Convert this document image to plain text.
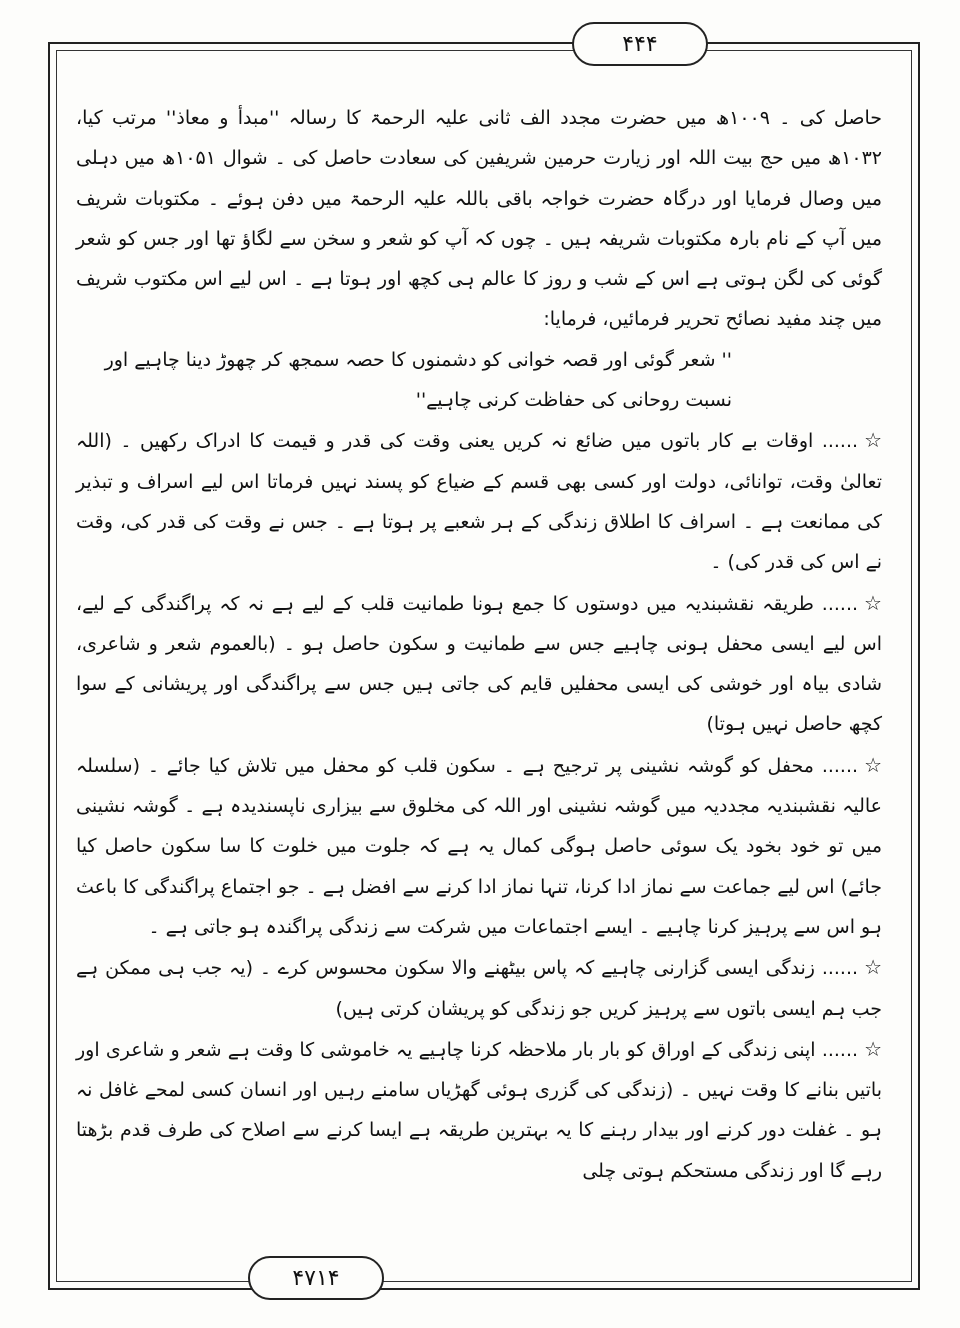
۴۴۴

حاصل کی ۔ ۱۰۰۹ھ میں حضرت مجدد الف ثانی علیہ الرحمۃ کا رسالہ ''مبدأ و معاذ'' مرتب کیا، ۱۰۳۲ھ میں حج بیت اللہ اور زیارت حرمین شریفین کی سعادت حاصل کی ۔ شوال ۱۰۵۱ھ میں دہلی میں وصال فرمایا اور درگاہ حضرت خواجہ باقی باللہ علیہ الرحمۃ میں دفن ہوئے ۔ مکتوبات شریف میں آپ کے نام بارہ مکتوبات شریفہ ہیں ۔ چوں کہ آپ کو شعر و سخن سے لگاؤ تھا اور جس کو شعر گوئی کی لگن ہوتی ہے اس کے شب و روز کا عالم ہی کچھ اور ہوتا ہے ۔ اس لیے اس مکتوب شریف میں چند مفید نصائح تحریر فرمائیں، فرمایا:

'' شعر گوئی اور قصہ خوانی کو دشمنوں کا حصہ سمجھ کر چھوڑ دینا چاہیے اور

نسبت روحانی کی حفاظت کرنی چاہیے''

☆...... اوقات بے کار باتوں میں ضائع نہ کریں یعنی وقت کی قدر و قیمت کا ادراک رکھیں ۔ (اللہ تعالیٰ وقت، توانائی، دولت اور کسی بھی قسم کے ضیاع کو پسند نہیں فرماتا اس لیے اسراف و تبذیر کی ممانعت ہے ۔ اسراف کا اطلاق زندگی کے ہر شعبے پر ہوتا ہے ۔ جس نے وقت کی قدر کی، وقت نے اس کی قدر کی) ۔

☆...... طریقہ نقشبندیہ میں دوستوں کا جمع ہونا طمانیت قلب کے لیے ہے نہ کہ پراگندگی کے لیے، اس لیے ایسی محفل ہونی چاہیے جس سے طمانیت و سکون حاصل ہو ۔ (بالعموم شعر و شاعری، شادی بیاہ اور خوشی کی ایسی محفلیں قایم کی جاتی ہیں جس سے پراگندگی اور پریشانی کے سوا کچھ حاصل نہیں ہوتا)

☆...... محفل کو گوشہ نشینی پر ترجیح ہے ۔ سکون قلب کو محفل میں تلاش کیا جائے ۔ (سلسلہ عالیہ نقشبندیہ مجددیہ میں گوشہ نشینی اور اللہ کی مخلوق سے بیزاری ناپسندیدہ ہے ۔ گوشہ نشینی میں تو خود بخود یک سوئی حاصل ہوگی کمال یہ ہے کہ جلوت میں خلوت کا سا سکون حاصل کیا جائے) اس لیے جماعت سے نماز ادا کرنا، تنہا نماز ادا کرنے سے افضل ہے ۔ جو اجتماع پراگندگی کا باعث ہو اس سے پرہیز کرنا چاہیے ۔ ایسے اجتماعات میں شرکت سے زندگی پراگندہ ہو جاتی ہے ۔

☆...... زندگی ایسی گزارنی چاہیے کہ پاس بیٹھنے والا سکون محسوس کرے ۔ (یہ جب ہی ممکن ہے جب ہم ایسی باتوں سے پرہیز کریں جو زندگی کو پریشان کرتی ہیں)

☆...... اپنی زندگی کے اوراق کو بار بار ملاحظہ کرنا چاہیے یہ خاموشی کا وقت ہے شعر و شاعری اور باتیں بنانے کا وقت نہیں ۔ (زندگی کی گزری ہوئی گھڑیاں سامنے رہیں اور انسان کسی لمحے غافل نہ ہو ۔ غفلت دور کرنے اور بیدار رہنے کا یہ بہترین طریقہ ہے ایسا کرنے سے اصلاح کی طرف قدم بڑھتا رہے گا اور زندگی مستحکم ہوتی چلی

۴۷۱۴
